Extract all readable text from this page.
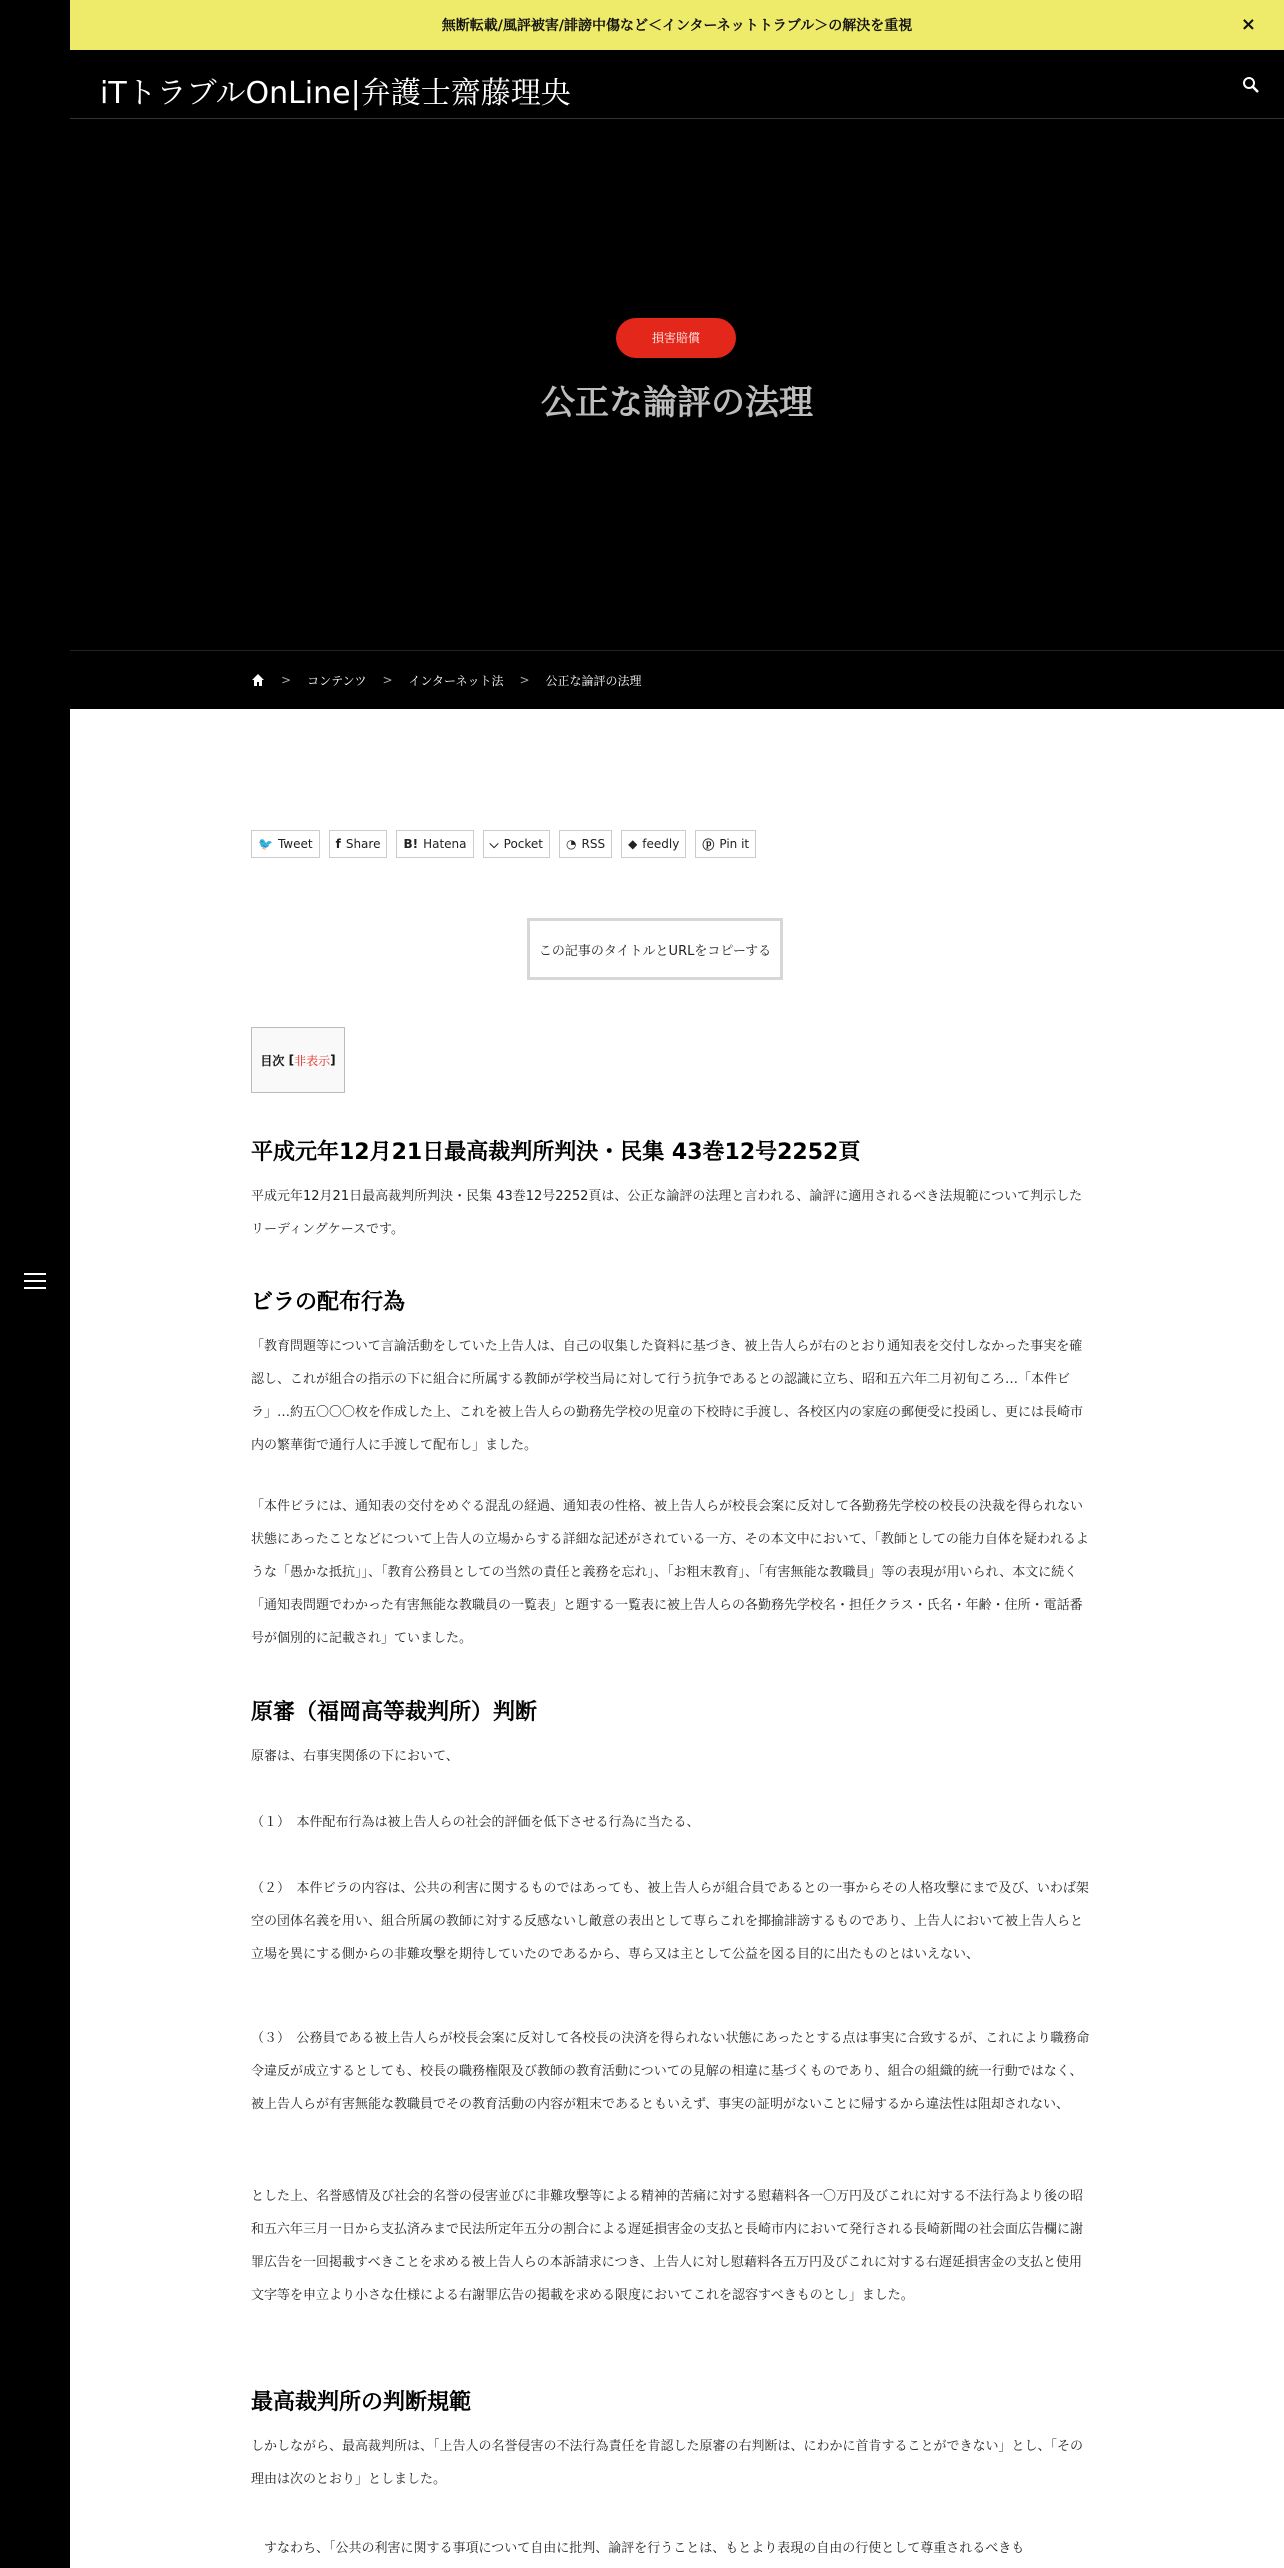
無断転載/風評被害/誹謗中傷など＜インターネットトラブル＞の解決を重視	×
iTトラブルOnLine|弁護士齋藤理央
損害賠償
公正な論評の法理
> コンテンツ > インターネット法 > 公正な論評の法理
🐦 Tweet f Share B! Hatena ⌵ Pocket ◔ RSS ◆ feedly ⓟ Pin it
この記事のタイトルとURLをコピーする
目次 [ 非表示 ]
平成元年12月21日最高裁判所判決・民集 43巻12号2252頁

平成元年12月21日最高裁判所判決・民集 43巻12号2252頁は、公正な論評の法理と言われる、論評に適用されるべき法規範について判示したリーディングケースです。

ビラの配布行為

「教育問題等について言論活動をしていた上告人は、自己の収集した資料に基づき、被上告人らが右のとおり通知表を交付しなかった事実を確認し、これが組合の指示の下に組合に所属する教師が学校当局に対して行う抗争であるとの認識に立ち、昭和五六年二月初旬ころ…「本件ビラ」…約五〇〇〇枚を作成した上、これを被上告人らの勤務先学校の児童の下校時に手渡し、各校区内の家庭の郵便受に投函し、更には長崎市内の繁華街で通行人に手渡して配布し」ました。

「本件ビラには、通知表の交付をめぐる混乱の経過、通知表の性格、被上告人らが校長会案に反対して各勤務先学校の校長の決裁を得られない状態にあったことなどについて上告人の立場からする詳細な記述がされている一方、その本文中において、「教師としての能力自体を疑われるような「愚かな抵抗」」、「教育公務員としての当然の責任と義務を忘れ」、「お粗末教育」、「有害無能な教職員」等の表現が用いられ、本文に続く「通知表問題でわかった有害無能な教職員の一覧表」と題する一覧表に被上告人らの各勤務先学校名・担任クラス・氏名・年齢・住所・電話番号が個別的に記載され」ていました。

原審（福岡高等裁判所）判断

原審は、右事実関係の下において、

（１）　本件配布行為は被上告人らの社会的評価を低下させる行為に当たる、

（２）　本件ビラの内容は、公共の利害に関するものではあっても、被上告人らが組合員であるとの一事からその人格攻撃にまで及び、いわば架空の団体名義を用い、組合所属の教師に対する反感ないし敵意の表出として専らこれを揶揄誹謗するものであり、上告人において被上告人らと立場を異にする側からの非難攻撃を期待していたのであるから、専ら又は主として公益を図る目的に出たものとはいえない、

（３）　公務員である被上告人らが校長会案に反対して各校長の決済を得られない状態にあったとする点は事実に合致するが、これにより職務命令違反が成立するとしても、校長の職務権限及び教師の教育活動についての見解の相違に基づくものであり、組合の組織的統一行動ではなく、被上告人らが有害無能な教職員でその教育活動の内容が粗末であるともいえず、事実の証明がないことに帰するから違法性は阻却されない、

とした上、名誉感情及び社会的名誉の侵害並びに非難攻撃等による精神的苦痛に対する慰藉料各一〇万円及びこれに対する不法行為より後の昭和五六年三月一日から支払済みまで民法所定年五分の割合による遅延損害金の支払と長崎市内において発行される長崎新聞の社会面広告欄に謝罪広告を一回掲載すべきことを求める被上告人らの本訴請求につき、上告人に対し慰藉料各五万円及びこれに対する右遅延損害金の支払と使用文字等を申立より小さな仕様による右謝罪広告の掲載を求める限度においてこれを認容すべきものとし」ました。

最高裁判所の判断規範

しかしながら、最高裁判所は、「上告人の名誉侵害の不法行為責任を肯認した原審の右判断は、にわかに首肯することができない」とし、「その理由は次のとおり」としました。

　すなわち、「公共の利害に関する事項について自由に批判、論評を行うことは、もとより表現の自由の行使として尊重されるべきも
